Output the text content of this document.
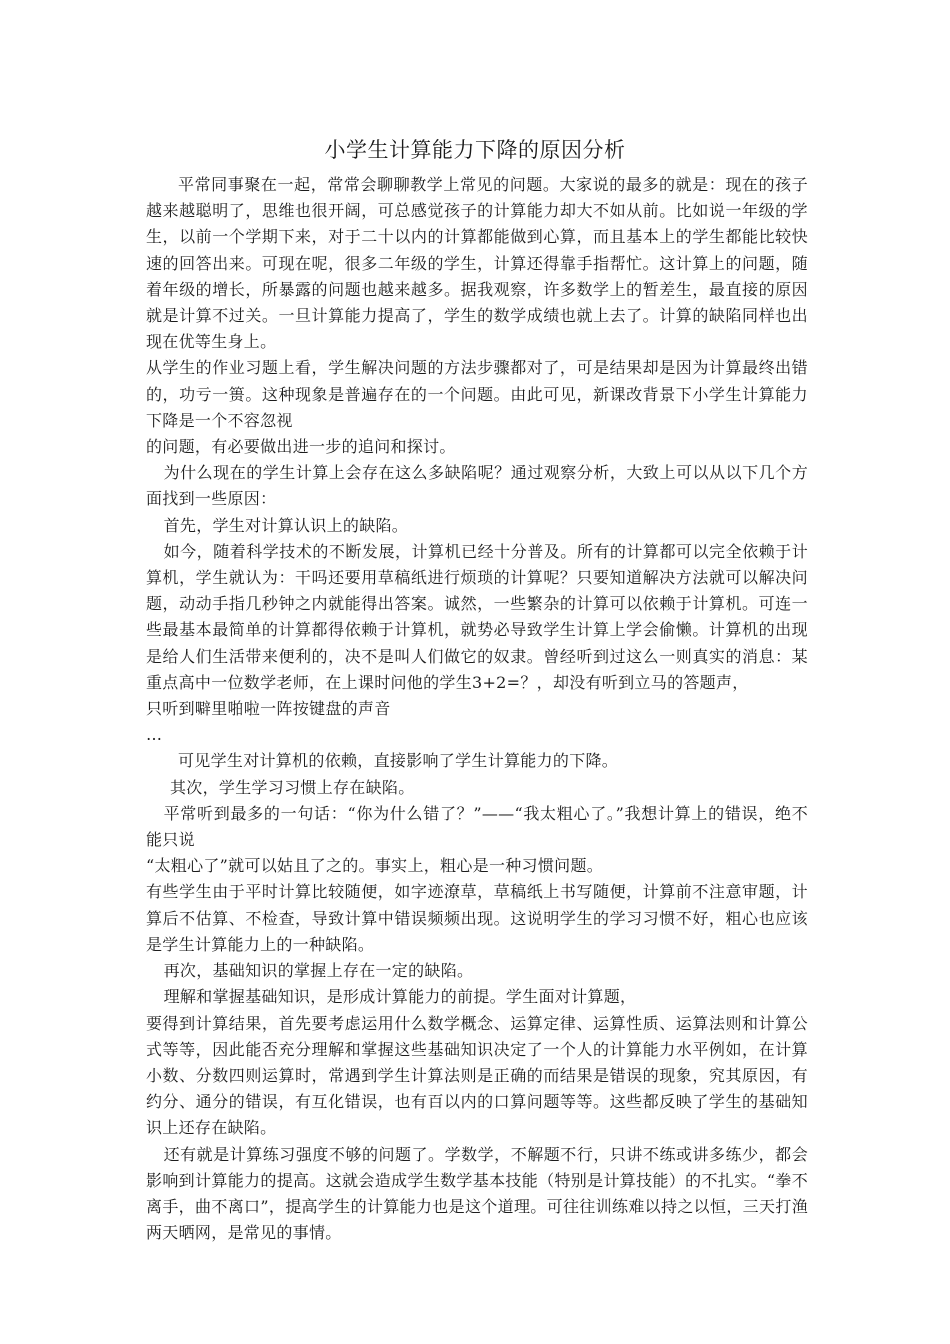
小学生计算能力下降的原因分析

平常同事聚在一起，常常会聊聊教学上常见的问题。大家说的最多的就是：现在的孩子越来越聪明了，思维也很开阔，可总感觉孩子的计算能力却大不如从前。比如说一年级的学生，以前一个学期下来，对于二十以内的计算都能做到心算，而且基本上的学生都能比较快速的回答出来。可现在呢，很多二年级的学生，计算还得靠手指帮忙。这计算上的问题，随着年级的增长，所暴露的问题也越来越多。据我观察，许多数学上的暂差生，最直接的原因就是计算不过关。一旦计算能力提高了，学生的数学成绩也就上去了。计算的缺陷同样也出现在优等生身上。

从学生的作业习题上看，学生解决问题的方法步骤都对了，可是结果却是因为计算最终出错的，功亏一篑。这种现象是普遍存在的一个问题。由此可见，新课改背景下小学生计算能力下降是一个不容忽视

的问题，有必要做出进一步的追问和探讨。

为什么现在的学生计算上会存在这么多缺陷呢？通过观察分析，大致上可以从以下几个方面找到一些原因：

首先，学生对计算认识上的缺陷。

如今，随着科学技术的不断发展，计算机已经十分普及。所有的计算都可以完全依赖于计算机，学生就认为：干吗还要用草稿纸进行烦琐的计算呢？只要知道解决方法就可以解决问题，动动手指几秒钟之内就能得出答案。诚然，一些繁杂的计算可以依赖于计算机。可连一些最基本最简单的计算都得依赖于计算机，就势必导致学生计算上学会偷懒。计算机的出现是给人们生活带来便利的，决不是叫人们做它的奴隶。曾经听到过这么一则真实的消息：某重点高中一位数学老师，在上课时问他的学生3+2=？，却没有听到立马的答题声，

只听到噼里啪啦一阵按键盘的声音

…

可见学生对计算机的依赖，直接影响了学生计算能力的下降。

其次，学生学习习惯上存在缺陷。

平常听到最多的一句话：“你为什么错了？”——“我太粗心了。”我想计算上的错误，绝不能只说

“太粗心了”就可以姑且了之的。事实上，粗心是一种习惯问题。

有些学生由于平时计算比较随便，如字迹潦草，草稿纸上书写随便，计算前不注意审题，计算后不估算、不检查，导致计算中错误频频出现。这说明学生的学习习惯不好，粗心也应该是学生计算能力上的一种缺陷。

再次，基础知识的掌握上存在一定的缺陷。

理解和掌握基础知识，是形成计算能力的前提。学生面对计算题，

要得到计算结果，首先要考虑运用什么数学概念、运算定律、运算性质、运算法则和计算公式等等，因此能否充分理解和掌握这些基础知识决定了一个人的计算能力水平例如，在计算小数、分数四则运算时，常遇到学生计算法则是正确的而结果是错误的现象，究其原因，有约分、通分的错误，有互化错误，也有百以内的口算问题等等。这些都反映了学生的基础知识上还存在缺陷。

还有就是计算练习强度不够的问题了。学数学，不解题不行，只讲不练或讲多练少，都会影响到计算能力的提高。这就会造成学生数学基本技能（特别是计算技能）的不扎实。“拳不离手，曲不离口”，提高学生的计算能力也是这个道理。可往往训练难以持之以恒，三天打渔两天晒网，是常见的事情。
